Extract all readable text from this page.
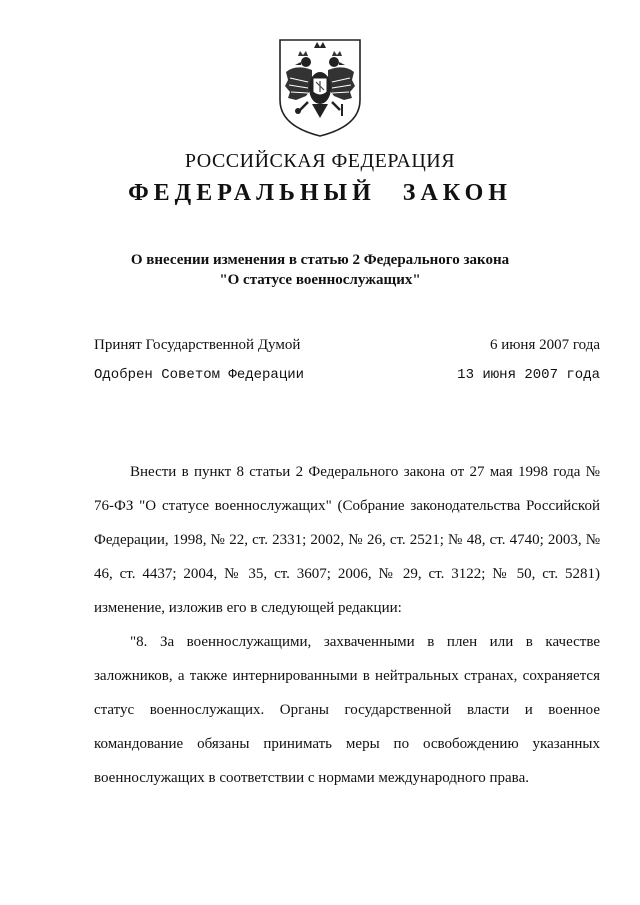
РОССИЙСКАЯ ФЕДЕРАЦИЯ
ФЕДЕРАЛЬНЫЙ ЗАКОН
О внесении изменения в статью 2 Федерального закона
"О статусе военнослужащих"
Принят Государственной Думой	6 июня 2007 года
Одобрен Советом Федерации	13 июня 2007 года

Внести в пункт 8 статьи 2 Федерального закона от 27 мая 1998 года № 76-ФЗ "О статусе военнослужащих" (Собрание законодательства Российской Федерации, 1998, № 22, ст. 2331; 2002, № 26, ст. 2521; № 48, ст. 4740; 2003, № 46, ст. 4437; 2004, № 35, ст. 3607; 2006, № 29, ст. 3122; № 50, ст. 5281) изменение, изложив его в следующей редакции:

"8. За военнослужащими, захваченными в плен или в качестве заложников, а также интернированными в нейтральных странах, сохраняется статус военнослужащих. Органы государственной власти и военное командование обязаны принимать меры по освобождению указанных военнослужащих в соответствии с нормами международного права.
